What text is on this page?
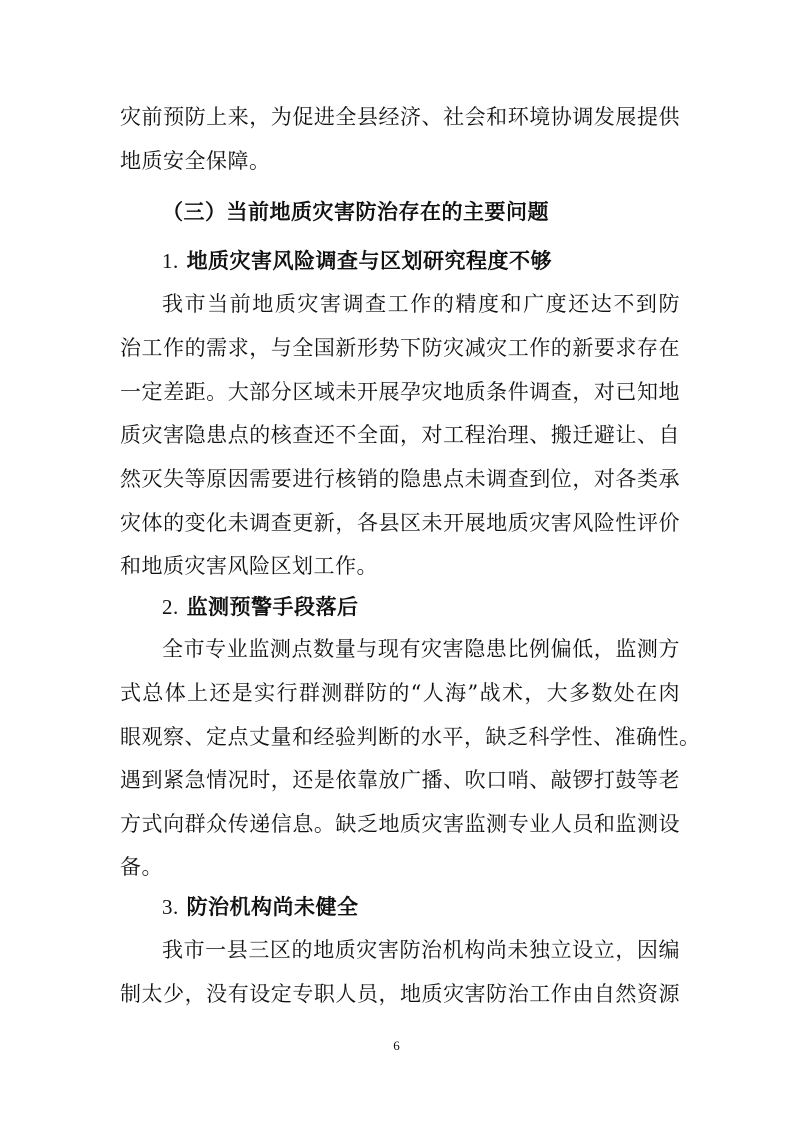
灾前预防上来，为促进全县经济、社会和环境协调发展提供
地质安全保障。
（三）当前地质灾害防治存在的主要问题
1. 地质灾害风险调查与区划研究程度不够
我市当前地质灾害调查工作的精度和广度还达不到防
治工作的需求，与全国新形势下防灾减灾工作的新要求存在
一定差距。大部分区域未开展孕灾地质条件调查，对已知地
质灾害隐患点的核查还不全面，对工程治理、搬迁避让、自
然灭失等原因需要进行核销的隐患点未调查到位，对各类承
灾体的变化未调查更新，各县区未开展地质灾害风险性评价
和地质灾害风险区划工作。
2. 监测预警手段落后
全市专业监测点数量与现有灾害隐患比例偏低，监测方
式总体上还是实行群测群防的“人海”战术，大多数处在肉
眼观察、定点丈量和经验判断的水平，缺乏科学性、准确性。
遇到紧急情况时，还是依靠放广播、吹口哨、敲锣打鼓等老
方式向群众传递信息。缺乏地质灾害监测专业人员和监测设
备。
3. 防治机构尚未健全
我市一县三区的地质灾害防治机构尚未独立设立，因编
制太少，没有设定专职人员，地质灾害防治工作由自然资源
6
